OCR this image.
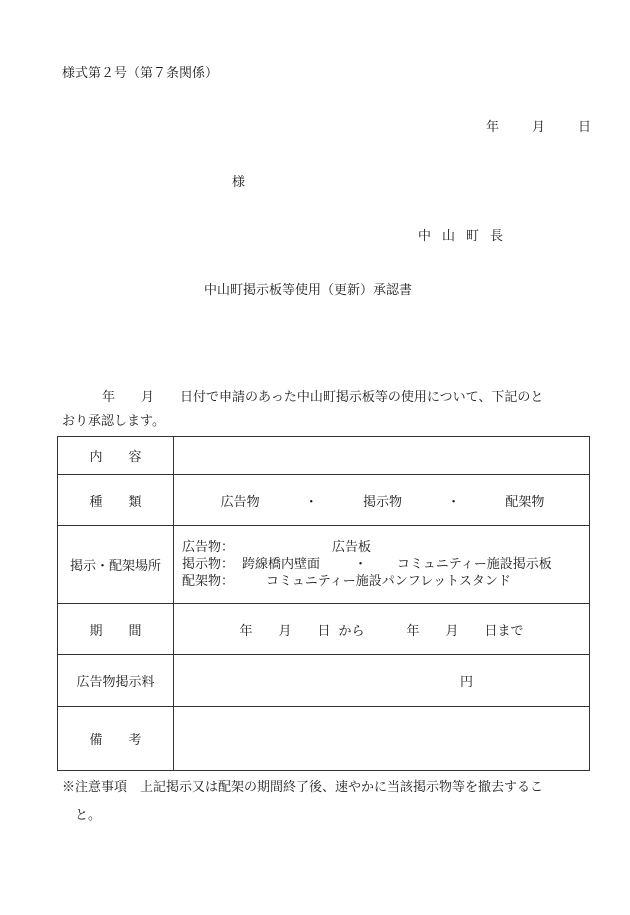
様式第２号（第７条関係）
年	月	日
様
中山町長
中山町掲示板等使用（更新）承認書
年　　月　　日付で申請のあった中山町掲示板等の使用について、下記のと
おり承認します。
内　　容	
種　　類	広告物 ・ 掲示物 ・ 配架物

掲示・配架場所	広告物： 広告板
掲示物： 跨線橋内壁面 ・ コミュニティー施設掲示板
配架物： コミュニティー施設パンフレットスタンド

期　　間	年　　月　　日 から 年　　月　　日まで
広告物掲示料	円
備　　考	
※注意事項　上記掲示又は配架の期間終了後、速やかに当該掲示物等を撤去するこ
と。
